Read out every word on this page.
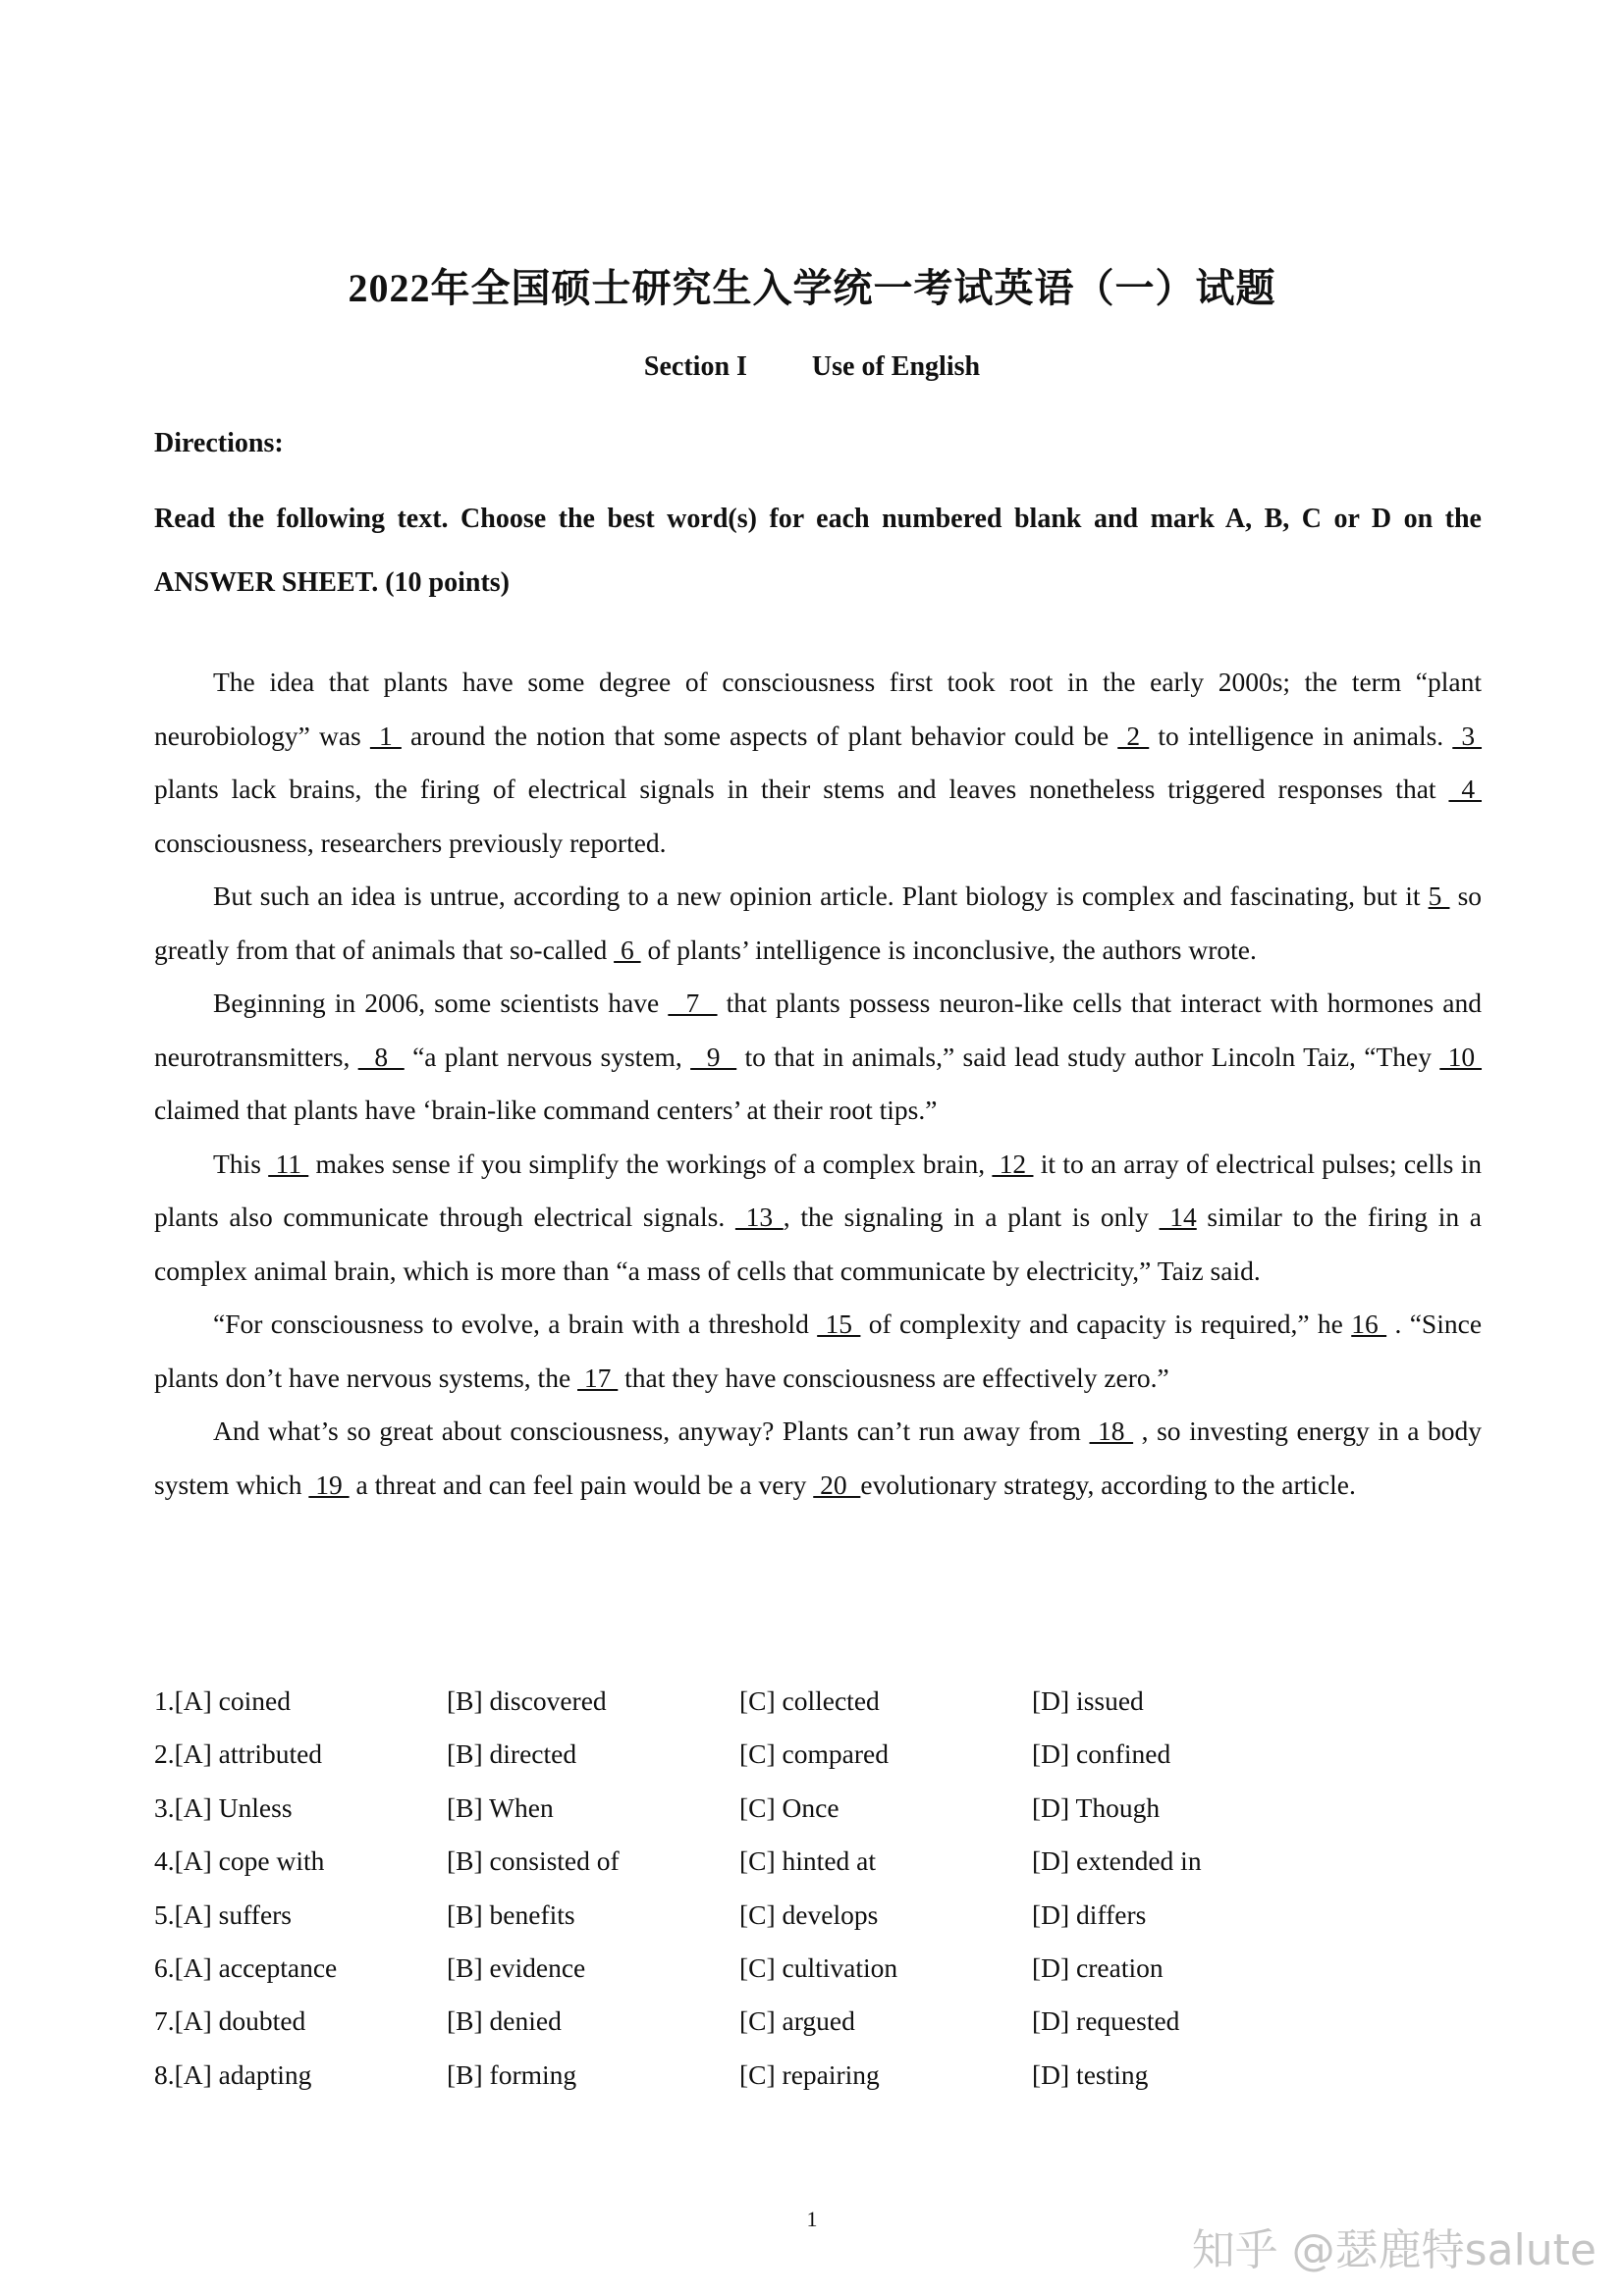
2022年全国硕士研究生入学统一考试英语（一）试题
Section I Use of English
Directions:
Read the following text. Choose the best word(s) for each numbered blank and mark A, B, C or D on the ANSWER SHEET. (10 points)

The idea that plants have some degree of consciousness first took root in the early 2000s; the term “plant neurobiology” was  1  around the notion that some aspects of plant behavior could be  2  to intelligence in animals.  3  plants lack brains, the firing of electrical signals in their stems and leaves nonetheless triggered responses that  4  consciousness, researchers previously reported.

But such an idea is untrue, according to a new opinion article. Plant biology is complex and fascinating, but it 5  so greatly from that of animals that so-called  6  of plants’ intelligence is inconclusive, the authors wrote.

Beginning in 2006, some scientists have   7   that plants possess neuron-like cells that interact with hormones and neurotransmitters,   8   “a plant nervous system,   9   to that in animals,” said lead study author Lincoln Taiz, “They  10  claimed that plants have ‘brain-like command centers’ at their root tips.”

This  11  makes sense if you simplify the workings of a complex brain,  12  it to an array of electrical pulses; cells in plants also communicate through electrical signals.  13 , the signaling in a plant is only  14 similar to the firing in a complex animal brain, which is more than “a mass of cells that communicate by electricity,” Taiz said.

“For consciousness to evolve, a brain with a threshold  15  of complexity and capacity is required,” he 16  . “Since plants don’t have nervous systems, the  17  that they have consciousness are effectively zero.”

And what’s so great about consciousness, anyway? Plants can’t run away from  18  , so investing energy in a body system which  19  a threat and can feel pain would be a very  20  evolutionary strategy, according to the article.

1.[A] coined	[B] discovered	[C] collected	[D] issued
2.[A] attributed	[B] directed	[C] compared	[D] confined
3.[A] Unless	[B] When	[C] Once	[D] Though
4.[A] cope with	[B] consisted of	[C] hinted at	[D] extended in
5.[A] suffers	[B] benefits	[C] develops	[D] differs
6.[A] acceptance	[B] evidence	[C] cultivation	[D] creation
7.[A] doubted	[B] denied	[C] argued	[D] requested
8.[A] adapting	[B] forming	[C] repairing	[D] testing
1
知乎 @瑟鹿特salute
